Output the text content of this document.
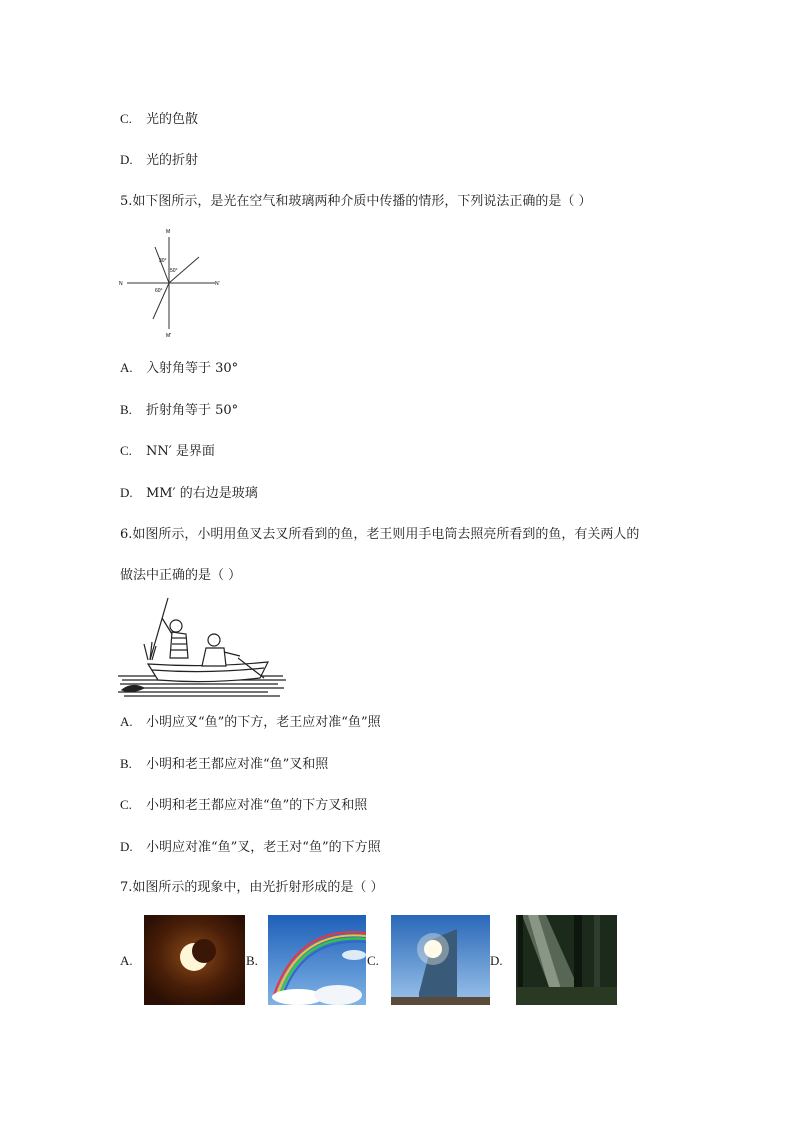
C. 光的色散
D. 光的折射
5.如下图所示，是光在空气和玻璃两种介质中传播的情形，下列说法正确的是（ ）
M
M'
N	N'
30°
50°
60°
A. 入射角等于 30°
B. 折射角等于 50°
C. NN′ 是界面
D. MM′ 的右边是玻璃
6.如图所示，小明用鱼叉去叉所看到的鱼，老王则用手电筒去照亮所看到的鱼，有关两人的
做法中正确的是（ ）
A. 小明应叉“鱼”的下方，老王应对准“鱼”照
B. 小明和老王都应对准“鱼”叉和照
C. 小明和老王都应对准“鱼”的下方叉和照
D. 小明应对准“鱼”叉，老王对“鱼”的下方照
7.如图所示的现象中，由光折射形成的是（ ）
A.	B.	C.	D.
